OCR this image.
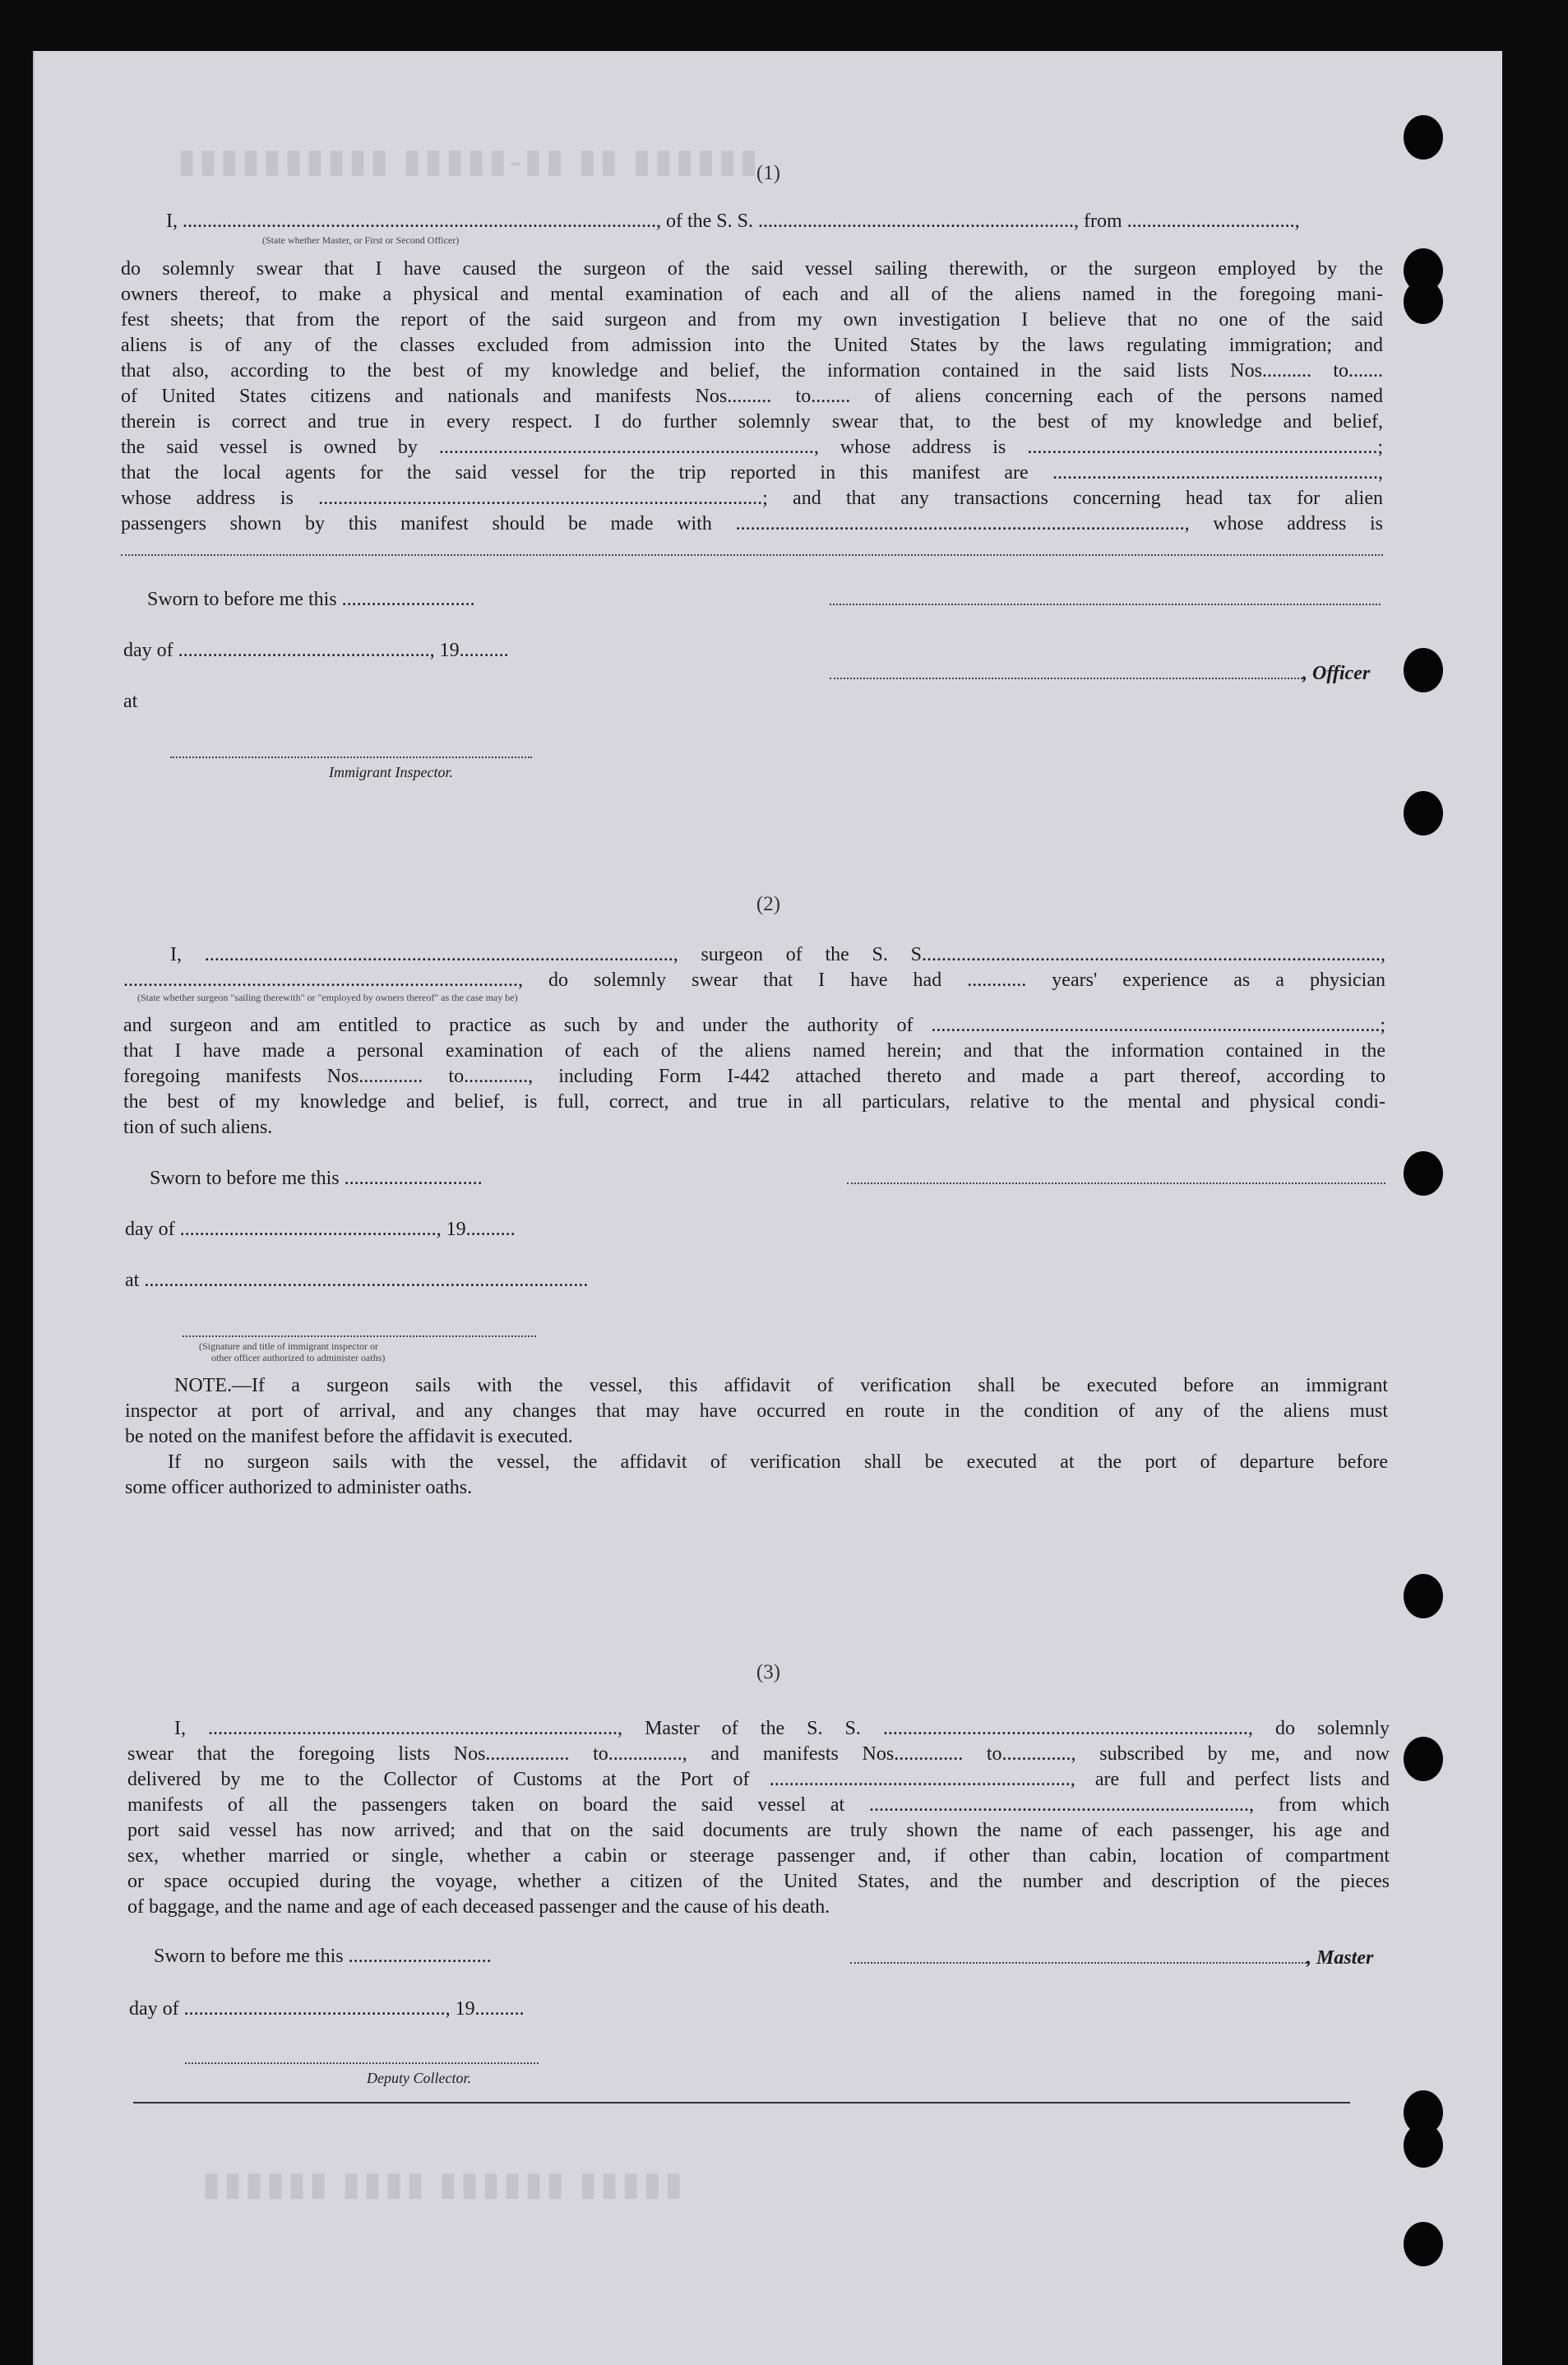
▮▮▮▮▮▮ ▮▮ ▮▮-▮▮▮▮▮ ▮▮▮▮▮▮▮▮▮▮
▮▮▮▮▮ ▮▮▮▮▮▮ ▮▮▮▮ ▮▮▮▮▮▮
(1)
I, ................................................................................................, of the S. S. ................................................................, from ..................................,
(State whether Master, or First or Second Officer)
do solemnly swear that I have caused the surgeon of the said vessel sailing therewith, or the surgeon employed by the
owners thereof, to make a physical and mental examination of each and all of the aliens named in the foregoing mani-
fest sheets; that from the report of the said surgeon and from my own investigation I believe that no one of the said
aliens is of any of the classes excluded from admission into the United States by the laws regulating immigration; and
that also, according to the best of my knowledge and belief, the information contained in the said lists Nos.......... to.......
of United States citizens and nationals and manifests Nos......... to........ of aliens concerning each of the persons named
therein is correct and true in every respect. I do further solemnly swear that, to the best of my knowledge and belief,
the said vessel is owned by ............................................................................, whose address is .......................................................................;
that the local agents for the said vessel for the trip reported in this manifest are ..................................................................,
whose address is ..........................................................................................; and that any transactions concerning head tax for alien
passengers shown by this manifest should be made with ..........................................................................................., whose address is
Sworn to before me this ...........................
day of ..................................................., 19..........
, Officer
at
Immigrant Inspector.
(2)
I, ..............................................................................................., surgeon of the S. S.............................................................................................,
................................................................................, do solemnly swear that I have had ............ years' experience as a physician
(State whether surgeon "sailing therewith" or "employed by owners thereof" as the case may be)
and surgeon and am entitled to practice as such by and under the authority of ...........................................................................................;
that I have made a personal examination of each of the aliens named herein; and that the information contained in the
foregoing manifests Nos............. to............., including Form I-442 attached thereto and made a part thereof, according to
the best of my knowledge and belief, is full, correct, and true in all particulars, relative to the mental and physical condi-
tion of such aliens.
Sworn to before me this ............................
day of ...................................................., 19..........
at ..........................................................................................
(Signature and title of immigrant inspector or
other officer authorized to administer oaths)
NOTE.—If a surgeon sails with the vessel, this affidavit of verification shall be executed before an immigrant
inspector at port of arrival, and any changes that may have occurred en route in the condition of any of the aliens must
be noted on the manifest before the affidavit is executed.
If no surgeon sails with the vessel, the affidavit of verification shall be executed at the port of departure before
some officer authorized to administer oaths.
(3)
I, ..................................................................................., Master of the S. S. .........................................................................., do solemnly
swear that the foregoing lists Nos................. to..............., and manifests Nos.............. to.............., subscribed by me, and now
delivered by me to the Collector of Customs at the Port of ............................................................., are full and perfect lists and
manifests of all the passengers taken on board the said vessel at ............................................................................., from which
port said vessel has now arrived; and that on the said documents are truly shown the name of each passenger, his age and
sex, whether married or single, whether a cabin or steerage passenger and, if other than cabin, location of compartment
or space occupied during the voyage, whether a citizen of the United States, and the number and description of the pieces
of baggage, and the name and age of each deceased passenger and the cause of his death.
Sworn to before me this .............................	, Master
day of ....................................................., 19..........
Deputy Collector.
